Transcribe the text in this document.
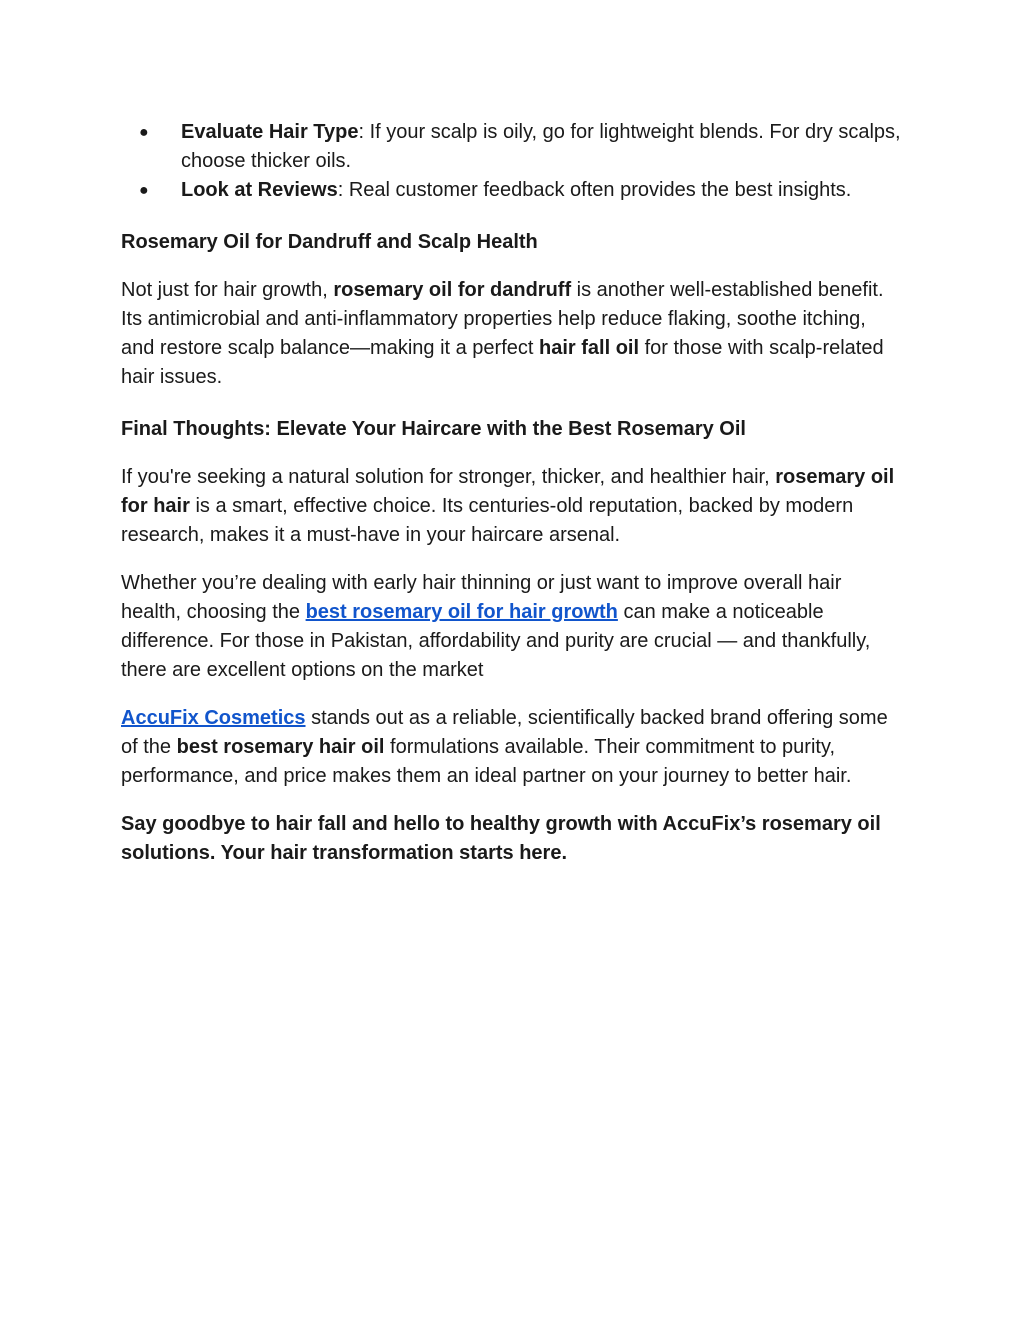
● Evaluate Hair Type: If your scalp is oily, go for lightweight blends. For dry scalps, choose thicker oils.
● Look at Reviews: Real customer feedback often provides the best insights.
Rosemary Oil for Dandruff and Scalp Health

Not just for hair growth, rosemary oil for dandruff is another well-established benefit. Its antimicrobial and anti-inflammatory properties help reduce flaking, soothe itching, and restore scalp balance—making it a perfect hair fall oil for those with scalp-related hair issues.

Final Thoughts: Elevate Your Haircare with the Best Rosemary Oil

If you're seeking a natural solution for stronger, thicker, and healthier hair, rosemary oil for hair is a smart, effective choice. Its centuries-old reputation, backed by modern research, makes it a must-have in your haircare arsenal.

Whether you’re dealing with early hair thinning or just want to improve overall hair health, choosing the best rosemary oil for hair growth can make a noticeable difference. For those in Pakistan, affordability and purity are crucial — and thankfully, there are excellent options on the market

AccuFix Cosmetics stands out as a reliable, scientifically backed brand offering some of the best rosemary hair oil formulations available. Their commitment to purity, performance, and price makes them an ideal partner on your journey to better hair.

Say goodbye to hair fall and hello to healthy growth with AccuFix’s rosemary oil solutions. Your hair transformation starts here.
